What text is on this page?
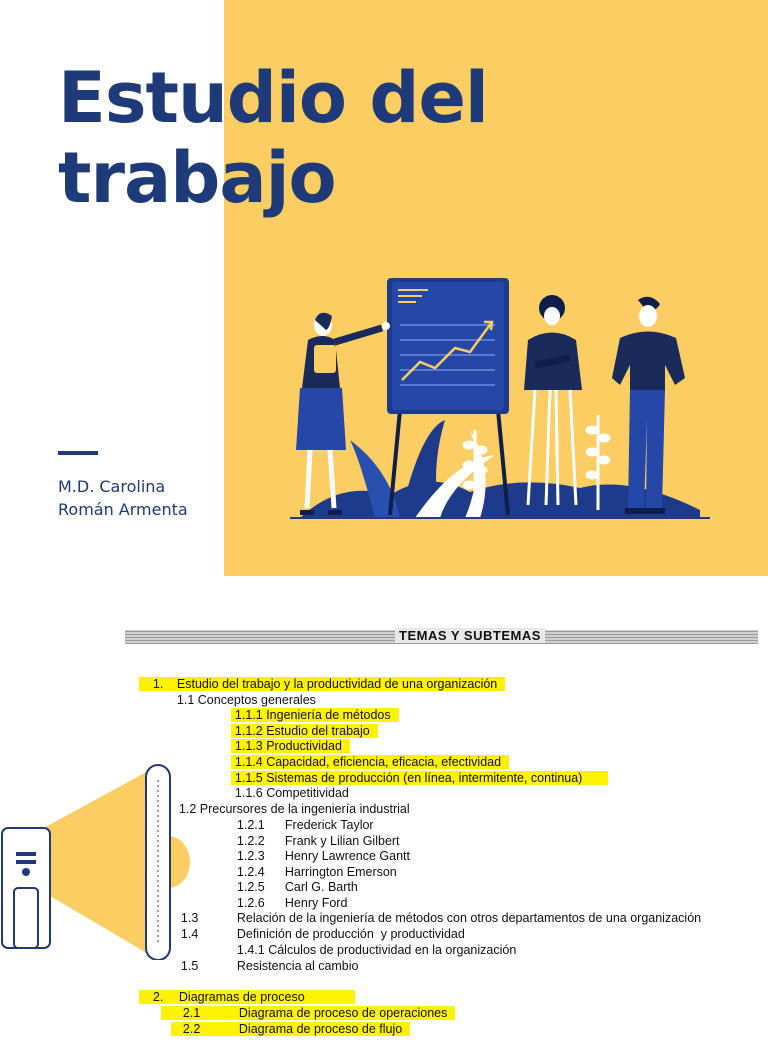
Estudio del
trabajo
M.D. Carolina
Román Armenta
TEMAS Y SUBTEMAS

1. Estudio del trabajo y la productividad de una organización

1.1 Conceptos generales

1.1.1 Ingeniería de métodos

1.1.2 Estudio del trabajo

1.1.3 Productividad

1.1.4 Capacidad, eficiencia, eficacia, efectividad

1.1.5 Sistemas de producción (en línea, intermitente, continua)

1.1.6 Competitividad

1.2 Precursores de la ingeniería industrial

1.2.1 Frederick Taylor

1.2.2 Frank y Lilian Gilbert

1.2.3 Henry Lawrence Gantt

1.2.4 Harrington Emerson

1.2.5 Carl G. Barth

1.2.6 Henry Ford

1.3	Relación de la ingeniería de métodos con otros departamentos de una organización

1.4	Definición de producción  y productividad

1.4.1 Cálculos de productividad en la organización

1.5	Resistencia al cambio

2. Diagramas de proceso

2.1	Diagrama de proceso de operaciones

2.2	Diagrama de proceso de flujo
